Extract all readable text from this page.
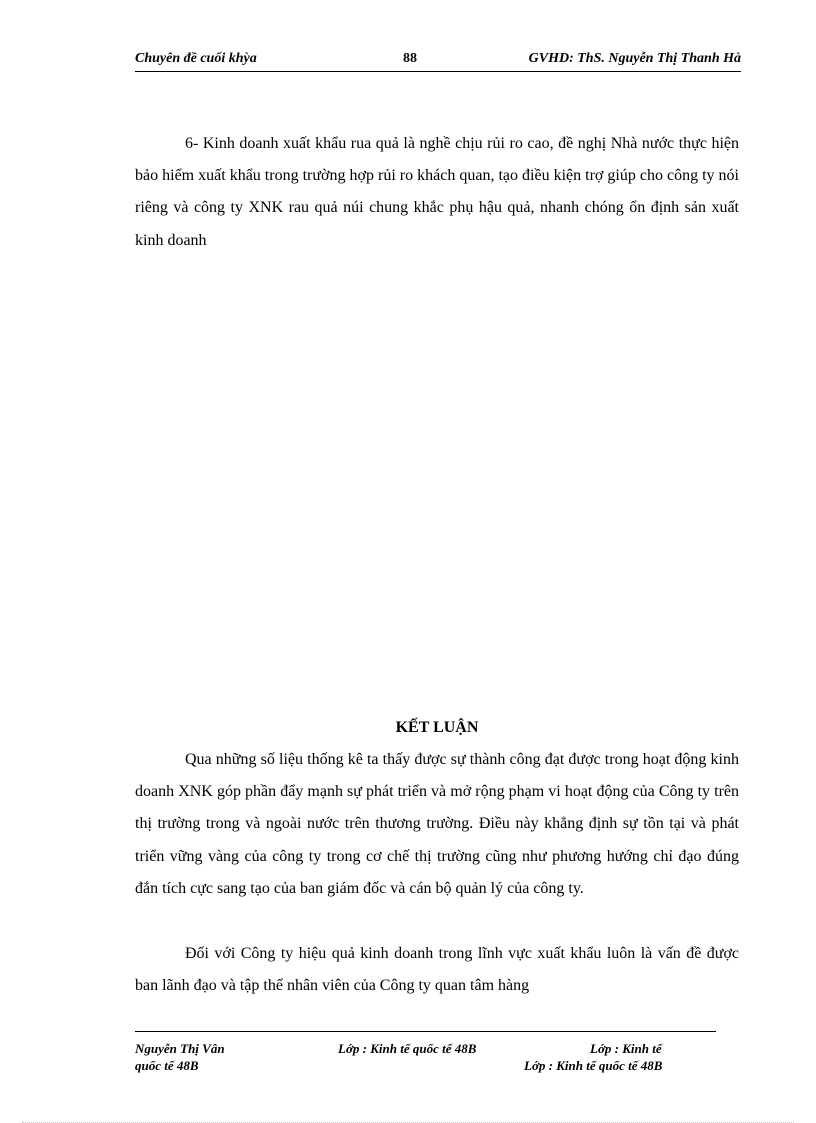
Chuyên đề cuối khỳa	88	GVHD: ThS. Nguyễn Thị Thanh Hà

6- Kinh doanh xuất khẩu rua quả là nghề chịu rủi ro cao, đề nghị Nhà nước thực hiện bảo hiểm xuất khẩu trong trường hợp rủi ro khách quan, tạo điều kiện trợ giúp cho công ty nói riêng và công ty XNK rau quả núi chung khắc phụ hậu quả, nhanh chóng ổn định sản xuất kinh doanh

KẾT LUẬN

Qua những số liệu thống kê ta thấy được sự thành công đạt được trong hoạt động kinh doanh XNK góp phần đẩy mạnh sự phát triển và mở rộng phạm vi hoạt động của Công ty trên thị trường trong và ngoài nước trên thương trường. Điều này khẳng định sự tồn tại và phát triển vững vàng của công ty trong cơ chế thị trường cũng như phương hướng chỉ đạo đúng đắn tích cực sang tạo của ban giám đốc và cán bộ quản lý của công ty.

Đối với Công ty hiệu quả kinh doanh trong lĩnh vực xuất khẩu luôn là vấn đề được ban lãnh đạo và tập thể nhân viên của Công ty quan tâm hàng

Nguyễn Thị Vân	Lớp : Kinh tế quốc tế 48B	Lớp : Kinh tế
quốc tế 48B	Lớp : Kinh tế quốc tế 48B
